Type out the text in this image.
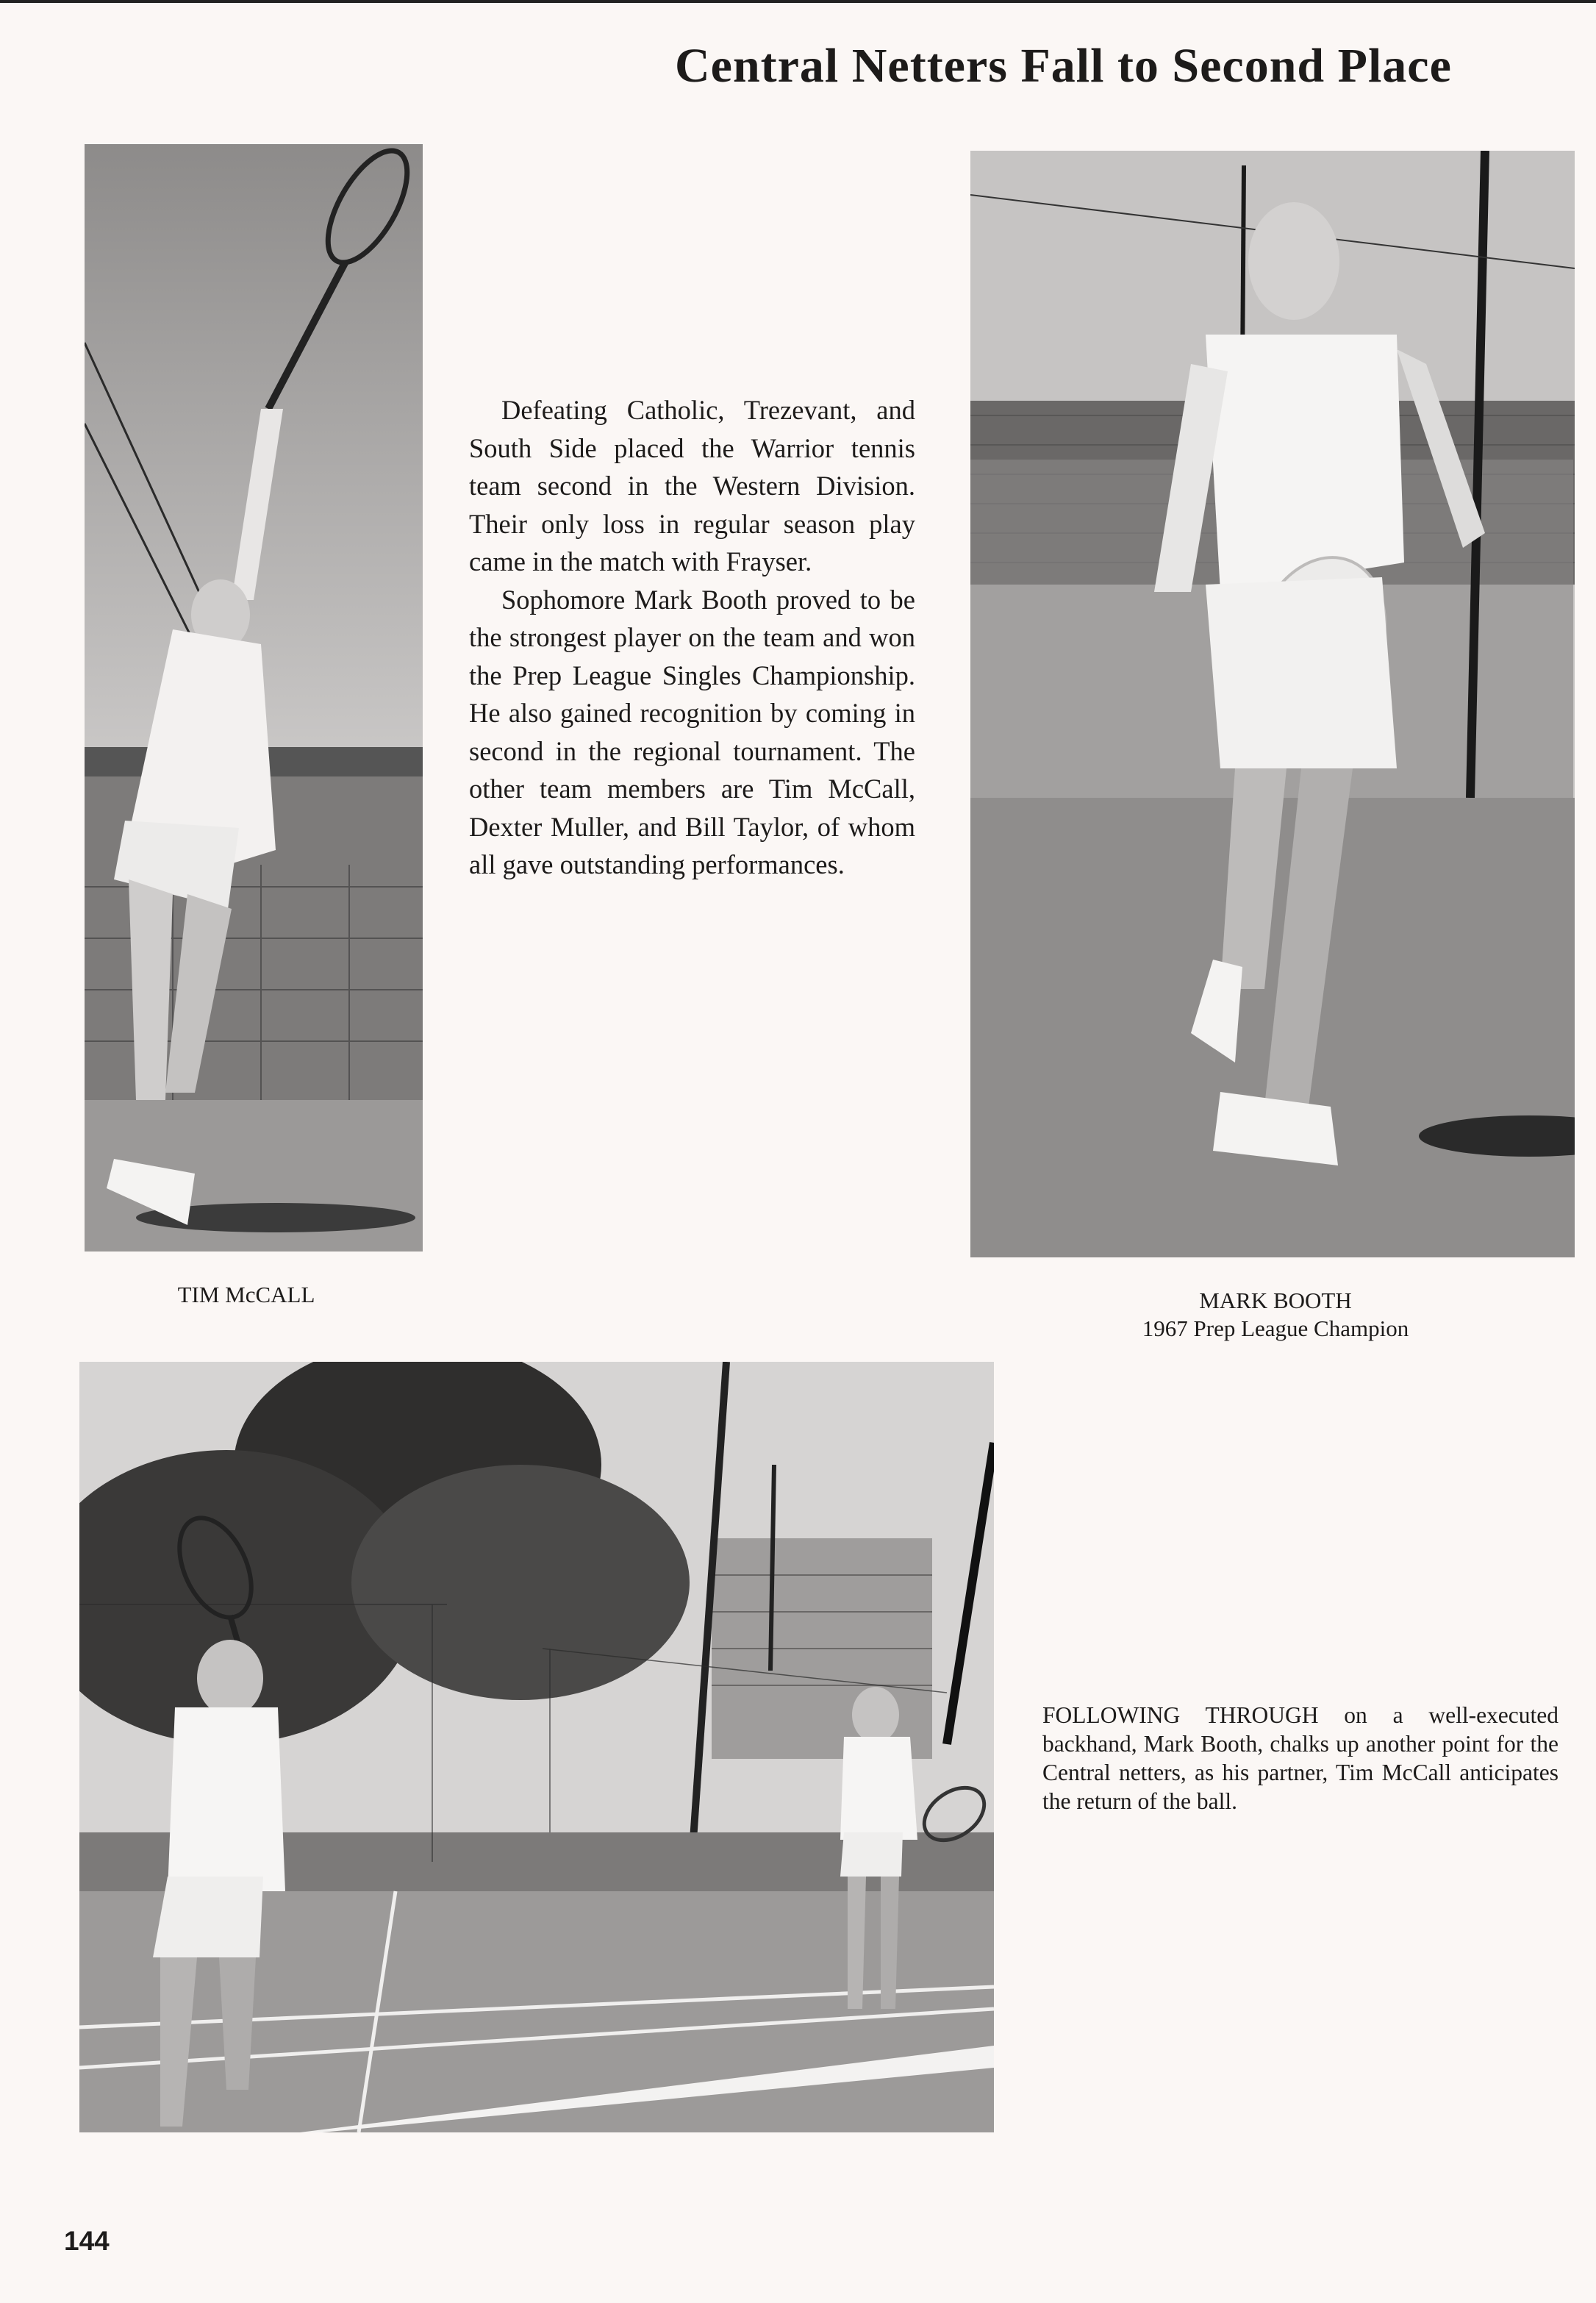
Central Netters Fall to Second Place

Defeating Catholic, Trezevant, and South Side placed the Warrior tennis team second in the Western Division. Their only loss in regular season play came in the match with Frayser.

Sophomore Mark Booth proved to be the strongest player on the team and won the Prep League Singles Championship. He also gained recognition by coming in second in the regional tournament. The other team members are Tim McCall, Dexter Muller, and Bill Taylor, of whom all gave outstanding performances.

TIM McCALL	MARK BOOTH
1967 Prep League Champion

FOLLOWING THROUGH on a well-executed backhand, Mark Booth, chalks up another point for the Central netters, as his partner, Tim McCall anticipates the return of the ball.

144
